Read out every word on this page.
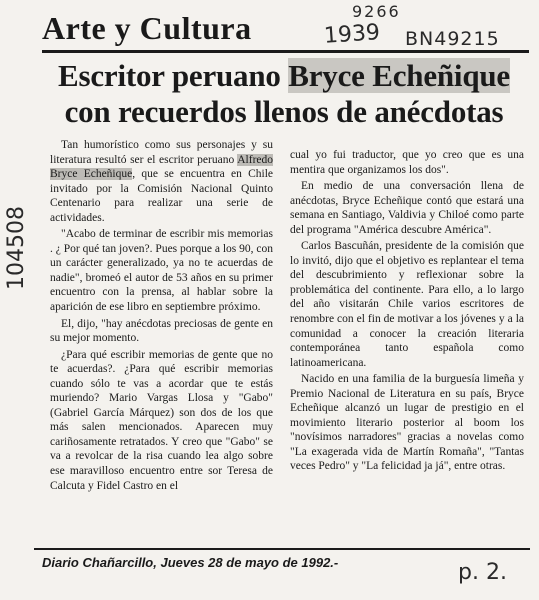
Arte y Cultura	9266
1939 BN49215
104508
Escritor peruano Bryce Echeñique
con recuerdos llenos de anécdotas

Tan humorístico como sus personajes y su literatura resultó ser el escritor peruano Alfredo Bryce Echeñique, que se encuentra en Chile invitado por la Comisión Nacional Quinto Centenario para realizar una serie de actividades.

"Acabo de terminar de escribir mis memorias . ¿ Por qué tan joven?. Pues porque a los 90, con un carácter generalizado, ya no te acuerdas de nadie", bromeó el autor de 53 años en su primer encuentro con la prensa, al hablar sobre la aparición de ese libro en septiembre próximo.

El, dijo, "hay anécdotas preciosas de gente en su mejor momento.

¿Para qué escribir memorias de gente que no te acuerdas?. ¿Para qué escribir memorias cuando sólo te vas a acordar que te estás muriendo? Mario Vargas Llosa y "Gabo" (Gabriel García Márquez) son dos de los que más salen mencionados. Aparecen muy cariñosamente retratados. Y creo que "Gabo" se va a revolcar de la risa cuando lea algo sobre ese maravilloso encuentro entre sor Teresa de Calcuta y Fidel Castro en el

cual yo fui traductor, que yo creo que es una mentira que organizamos los dos".

En medio de una conversación llena de anécdotas, Bryce Echeñique contó que estará una semana en Santiago, Valdivia y Chiloé como parte del programa "América descubre América".

Carlos Bascuñán, presidente de la comisión que lo invitó, dijo que el objetivo es replantear el tema del descubrimiento y reflexionar sobre la problemática del continente. Para ello, a lo largo del año visitarán Chile varios escritores de renombre con el fin de motivar a los jóvenes y a la comunidad a conocer la creación literaria contemporánea tanto española como latinoamericana.

Nacido en una familia de la burguesía limeña y Premio Nacional de Literatura en su país, Bryce Echeñique alcanzó un lugar de prestigio en el movimiento literario posterior al boom los "novísimos narradores" gracias a novelas como "La exagerada vida de Martín Romaña", "Tantas veces Pedro" y "La felicidad ja já", entre otras.

Diario Chañarcillo, Jueves 28 de mayo de 1992.-	p. 2.
